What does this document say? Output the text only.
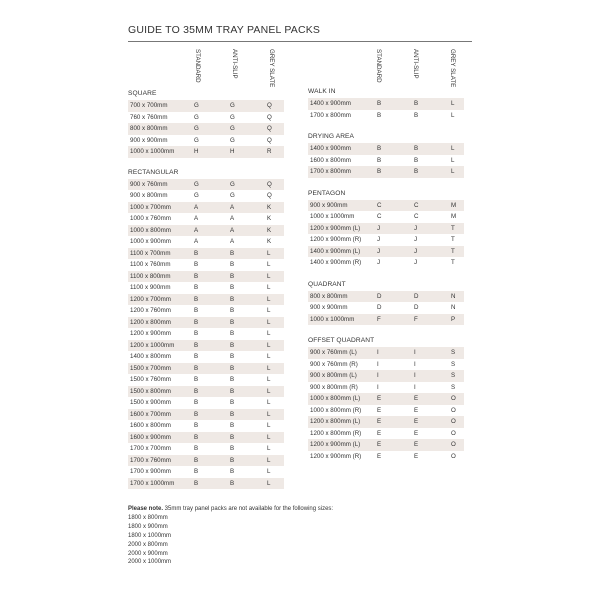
GUIDE TO 35MM TRAY PANEL PACKS
STANDARD	ANTI-SLIP	GREY SLATE	STANDARD	ANTI-SLIP	GREY SLATE
SQUARE
700 x 700mm	G	G	Q
760 x 760mm	G	G	Q
800 x 800mm	G	G	Q
900 x 900mm	G	G	Q
1000 x 1000mm	H	H	R
RECTANGULAR
900 x 760mm	G	G	Q
900 x 800mm	G	G	Q
1000 x 700mm	A	A	K
1000 x 760mm	A	A	K
1000 x 800mm	A	A	K
1000 x 900mm	A	A	K
1100 x 700mm	B	B	L
1100 x 760mm	B	B	L
1100 x 800mm	B	B	L
1100 x 900mm	B	B	L
1200 x 700mm	B	B	L
1200 x 760mm	B	B	L
1200 x 800mm	B	B	L
1200 x 900mm	B	B	L
1200 x 1000mm	B	B	L
1400 x 800mm	B	B	L
1500 x 700mm	B	B	L
1500 x 760mm	B	B	L
1500 x 800mm	B	B	L
1500 x 900mm	B	B	L
1600 x 700mm	B	B	L
1600 x 800mm	B	B	L
1600 x 900mm	B	B	L
1700 x 700mm	B	B	L
1700 x 760mm	B	B	L
1700 x 900mm	B	B	L
1700 x 1000mm	B	B	L
WALK IN
1400 x 900mm	B	B	L
1700 x 800mm	B	B	L
DRYING AREA
1400 x 900mm	B	B	L
1600 x 800mm	B	B	L
1700 x 800mm	B	B	L
PENTAGON
900 x 900mm	C	C	M
1000 x 1000mm	C	C	M
1200 x 900mm (L)	J	J	T
1200 x 900mm (R)	J	J	T
1400 x 900mm (L)	J	J	T
1400 x 900mm (R)	J	J	T
QUADRANT
800 x 800mm	D	D	N
900 x 900mm	D	D	N
1000 x 1000mm	F	F	P
OFFSET QUADRANT
900 x 760mm (L)	I	I	S
900 x 760mm (R)	I	I	S
900 x 800mm (L)	I	I	S
900 x 800mm (R)	I	I	S
1000 x 800mm (L)	E	E	O
1000 x 800mm (R)	E	E	O
1200 x 800mm (L)	E	E	O
1200 x 800mm (R)	E	E	O
1200 x 900mm (L)	E	E	O
1200 x 900mm (R)	E	E	O
Please note. 35mm tray panel packs are not available for the following sizes:
1800 x 800mm
1800 x 900mm
1800 x 1000mm
2000 x 800mm
2000 x 900mm
2000 x 1000mm
